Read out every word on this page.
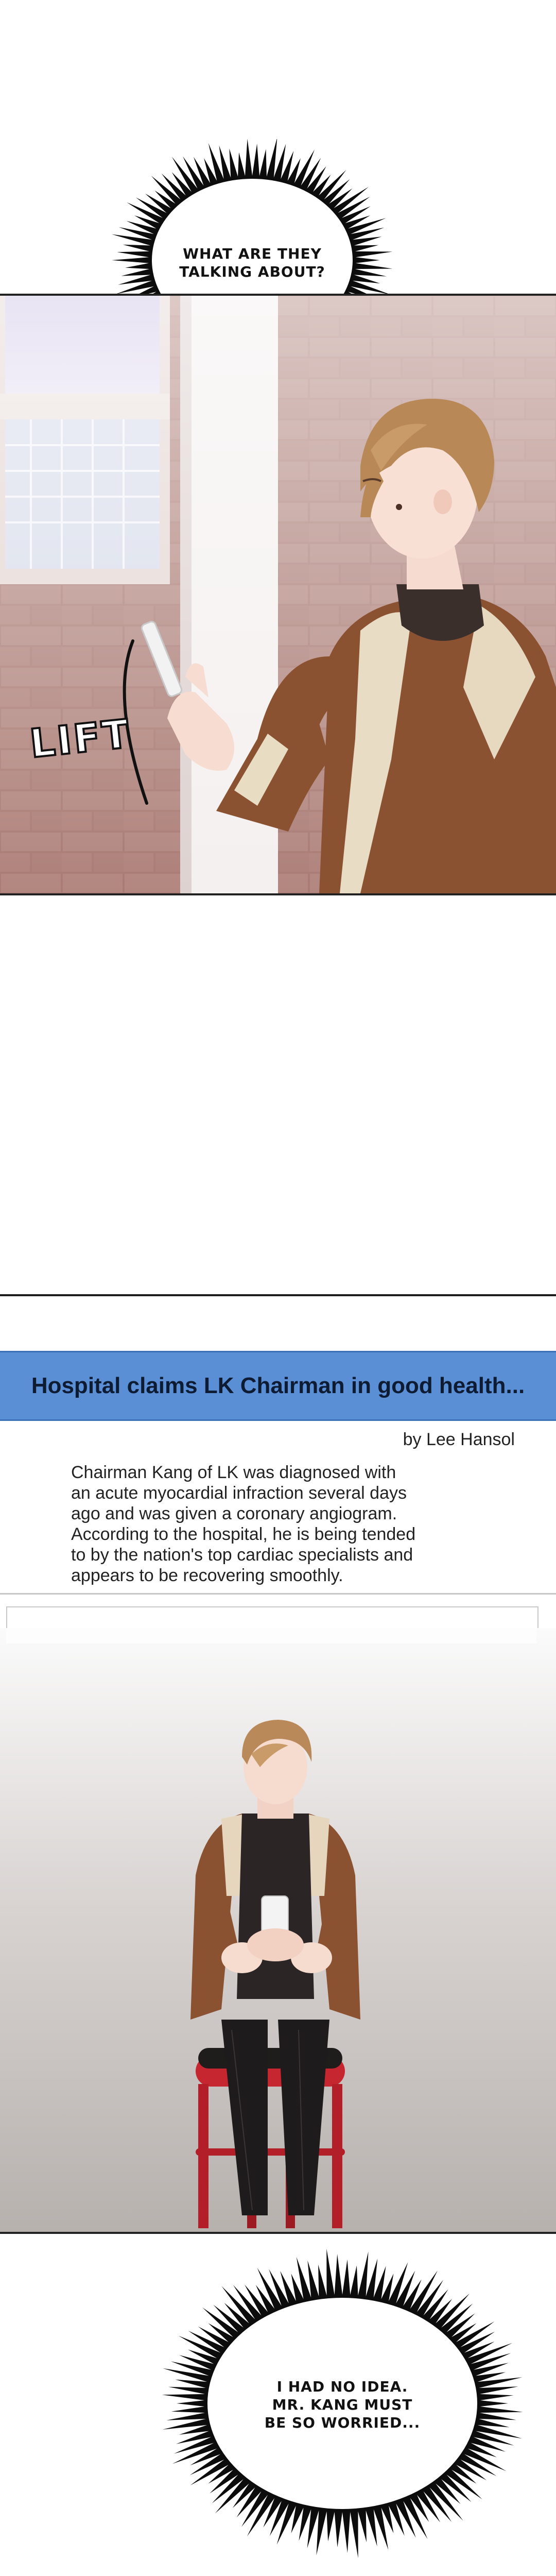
WHAT ARE THEY
TALKING ABOUT?
LIFT
Hospital claims LK Chairman in good health...
by Lee Hansol
Chairman Kang of LK was diagnosed with
an acute myocardial infraction several days
ago and was given a coronary angiogram.
According to the hospital, he is being tended
to by the nation's top cardiac specialists and
appears to be recovering smoothly.
I HAD NO IDEA.
MR. KANG MUST
BE SO WORRIED...
